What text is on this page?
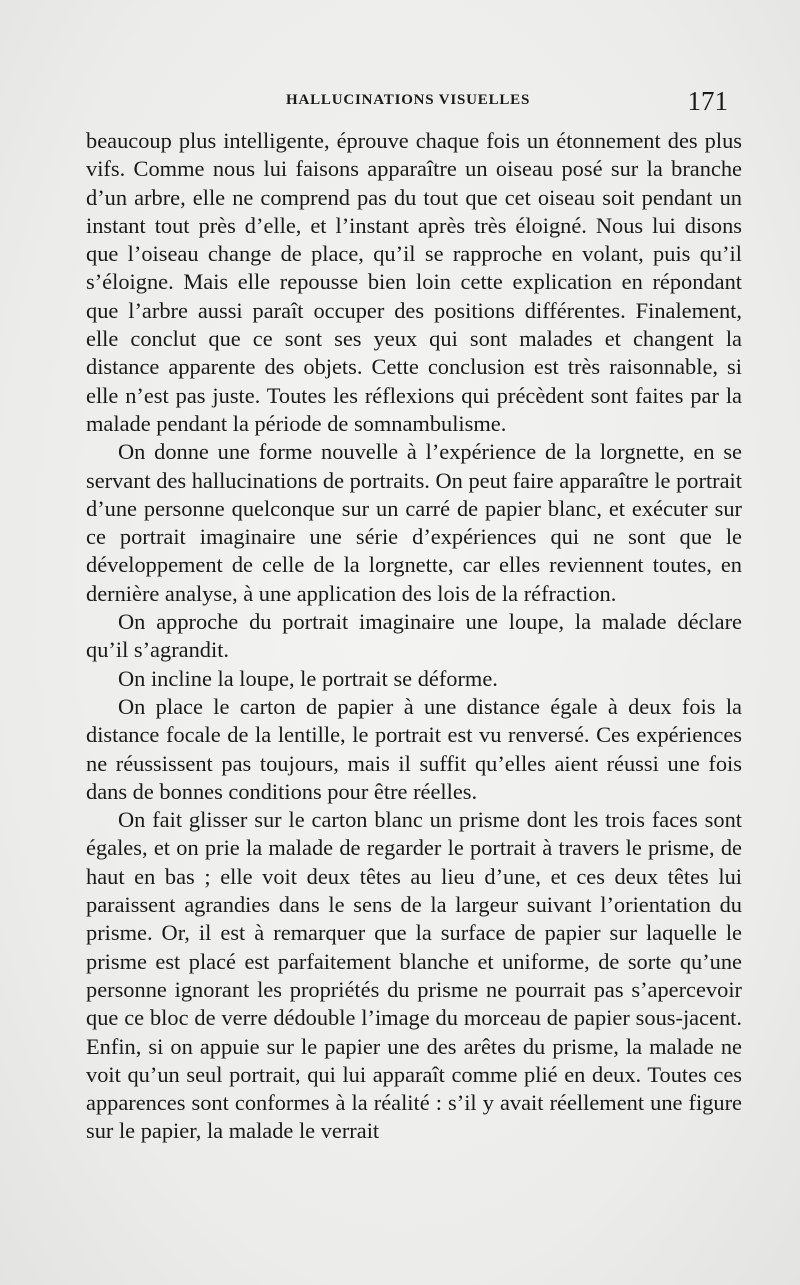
HALLUCINATIONS VISUELLES	171

beaucoup plus intelligente, éprouve chaque fois un étonnement des plus vifs. Comme nous lui faisons apparaître un oiseau posé sur la branche d’un arbre, elle ne comprend pas du tout que cet oiseau soit pendant un instant tout près d’elle, et l’instant après très éloigné. Nous lui disons que l’oiseau change de place, qu’il se rapproche en volant, puis qu’il s’éloigne. Mais elle repousse bien loin cette explication en répondant que l’arbre aussi paraît occuper des positions différentes. Finalement, elle conclut que ce sont ses yeux qui sont malades et changent la distance apparente des objets. Cette conclusion est très raisonnable, si elle n’est pas juste. Toutes les réflexions qui précèdent sont faites par la malade pendant la période de somnambulisme.

On donne une forme nouvelle à l’expérience de la lorgnette, en se servant des hallucinations de portraits. On peut faire apparaître le portrait d’une personne quelconque sur un carré de papier blanc, et exécuter sur ce portrait imaginaire une série d’expériences qui ne sont que le développement de celle de la lorgnette, car elles reviennent toutes, en dernière analyse, à une application des lois de la réfraction.

On approche du portrait imaginaire une loupe, la malade déclare qu’il s’agrandit.

On incline la loupe, le portrait se déforme.

On place le carton de papier à une distance égale à deux fois la distance focale de la lentille, le portrait est vu renversé. Ces expériences ne réussissent pas toujours, mais il suffit qu’elles aient réussi une fois dans de bonnes conditions pour être réelles.

On fait glisser sur le carton blanc un prisme dont les trois faces sont égales, et on prie la malade de regarder le portrait à travers le prisme, de haut en bas ; elle voit deux têtes au lieu d’une, et ces deux têtes lui paraissent agrandies dans le sens de la largeur suivant l’orientation du prisme. Or, il est à remarquer que la surface de papier sur laquelle le prisme est placé est parfaitement blanche et uniforme, de sorte qu’une personne ignorant les propriétés du prisme ne pourrait pas s’apercevoir que ce bloc de verre dédouble l’image du morceau de papier sous-jacent. Enfin, si on appuie sur le papier une des arêtes du prisme, la malade ne voit qu’un seul portrait, qui lui apparaît comme plié en deux. Toutes ces apparences sont conformes à la réalité : s’il y avait réellement une figure sur le papier, la malade le verrait
